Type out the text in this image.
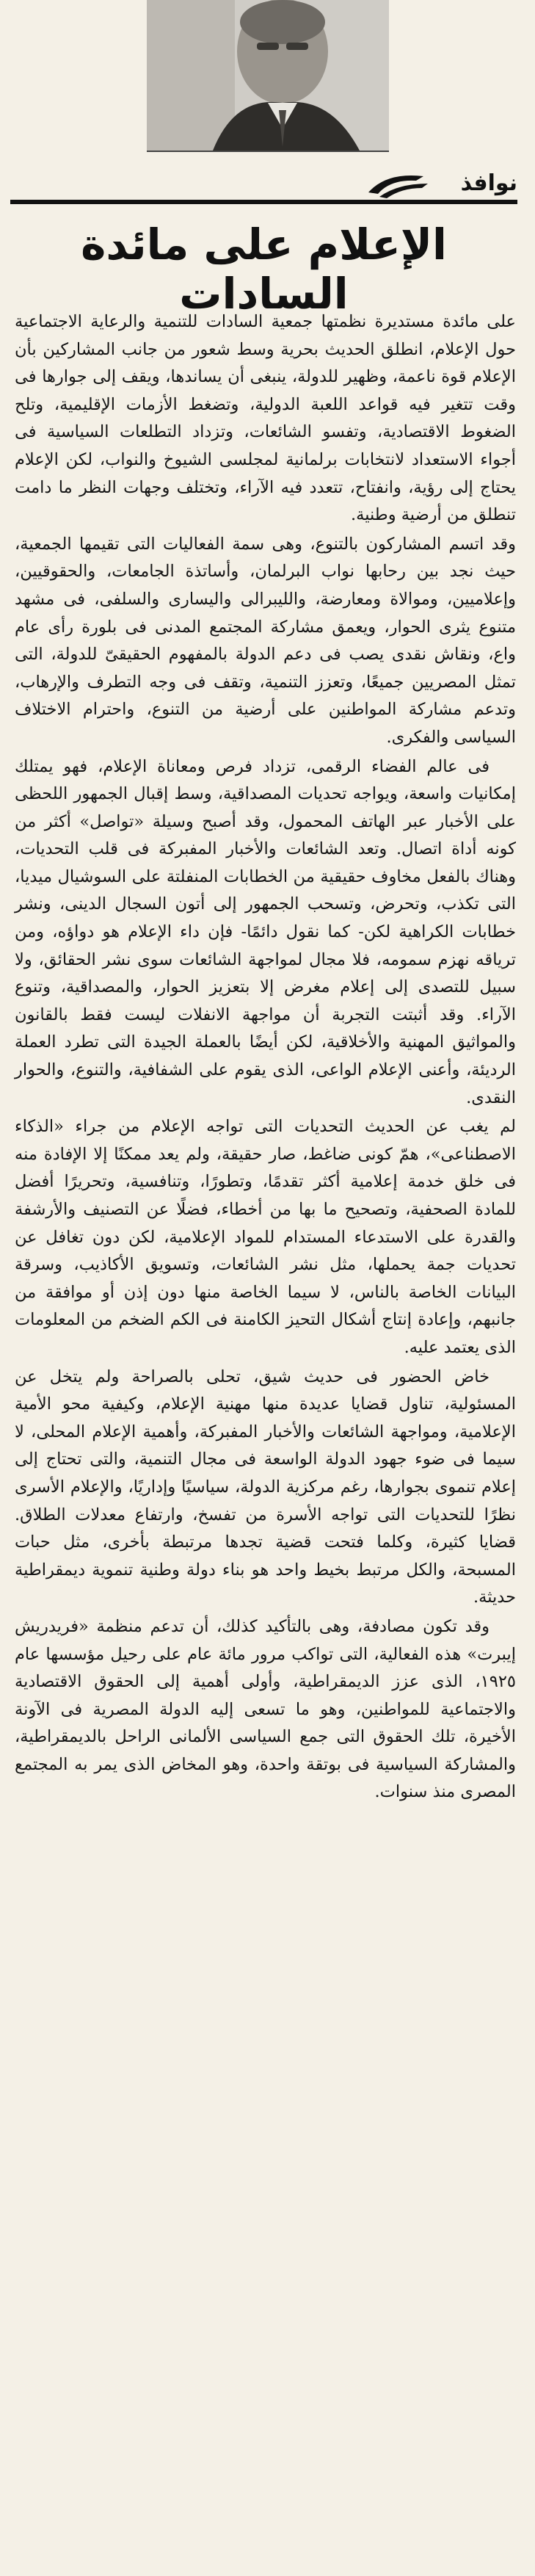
نوافذ
الإعلام على مائدة السادات

على مائدة مستديرة نظمتها جمعية السادات للتنمية والرعاية الاجتماعية حول الإعلام، انطلق الحديث بحرية وسط شعور من جانب المشاركين بأن الإعلام قوة ناعمة، وظهير للدولة، ينبغى أن يساندها، ويقف إلى جوارها فى وقت تتغير فيه قواعد اللعبة الدولية، وتضغط الأزمات الإقليمية، وتلح الضغوط الاقتصادية، وتفسو الشائعات، وتزداد التطلعات السياسية فى أجواء الاستعداد لانتخابات برلمانية لمجلسى الشيوخ والنواب، لكن الإعلام يحتاج إلى رؤية، وانفتاح، تتعدد فيه الآراء، وتختلف وجهات النظر ما دامت تنطلق من أرضية وطنية.

وقد اتسم المشاركون بالتنوع، وهى سمة الفعاليات التى تقيمها الجمعية، حيث نجد بين رحابها نواب البرلمان، وأساتذة الجامعات، والحقوقيين، وإعلاميين، وموالاة ومعارضة، والليبرالى واليسارى والسلفى، فى مشهد متنوع يثرى الحوار، ويعمق مشاركة المجتمع المدنى فى بلورة رأى عام واع، ونقاش نقدى يصب فى دعم الدولة بالمفهوم الحقيقىّ للدولة، التى تمثل المصريين جميعًا، وتعزز التنمية، وتقف فى وجه التطرف والإرهاب، وتدعم مشاركة المواطنين على أرضية من التنوع، واحترام الاختلاف السياسى والفكرى.

فى عالم الفضاء الرقمى، تزداد فرص ومعاناة الإعلام، فهو يمتلك إمكانيات واسعة، ويواجه تحديات المصداقية، وسط إقبال الجمهور اللحظى على الأخبار عبر الهاتف المحمول، وقد أصبح وسيلة «تواصل» أكثر من كونه أداة اتصال. وتعد الشائعات والأخبار المفبركة فى قلب التحديات، وهناك بالفعل مخاوف حقيقية من الخطابات المنفلتة على السوشيال ميديا، التى تكذب، وتحرض، وتسحب الجمهور إلى أتون السجال الدينى، ونشر خطابات الكراهية لكن- كما نقول دائمًا- فإن داء الإعلام هو دواؤه، ومن ترياقه نهزم سمومه، فلا مجال لمواجهة الشائعات سوى نشر الحقائق، ولا سبيل للتصدى إلى إعلام مغرض إلا بتعزيز الحوار، والمصداقية، وتنوع الآراء. وقد أثبتت التجربة أن مواجهة الانفلات ليست فقط بالقانون والمواثيق المهنية والأخلاقية، لكن أيضًا بالعملة الجيدة التى تطرد العملة الرديئة، وأعنى الإعلام الواعى، الذى يقوم على الشفافية، والتنوع، والحوار النقدى.

لم يغب عن الحديث التحديات التى تواجه الإعلام من جراء «الذكاء الاصطناعى»، همّ كونى ضاغط، صار حقيقة، ولم يعد ممكنًا إلا الإفادة منه فى خلق خدمة إعلامية أكثر تقدمًا، وتطورًا، وتنافسية، وتحريرًا أفضل للمادة الصحفية، وتصحيح ما بها من أخطاء، فضلًا عن التصنيف والأرشفة والقدرة على الاستدعاء المستدام للمواد الإعلامية، لكن دون تغافل عن تحديات جمة يحملها، مثل نشر الشائعات، وتسويق الأكاذيب، وسرقة البيانات الخاصة بالناس، لا سيما الخاصة منها دون إذن أو موافقة من جانبهم، وإعادة إنتاج أشكال التحيز الكامنة فى الكم الضخم من المعلومات الذى يعتمد عليه.

خاض الحضور فى حديث شيق، تحلى بالصراحة ولم يتخل عن المسئولية، تناول قضايا عديدة منها مهنية الإعلام، وكيفية محو الأمية الإعلامية، ومواجهة الشائعات والأخبار المفبركة، وأهمية الإعلام المحلى، لا سيما فى ضوء جهود الدولة الواسعة فى مجال التنمية، والتى تحتاج إلى إعلام تنموى بجوارها، رغم مركزية الدولة، سياسيًا وإداريًا، والإعلام الأسرى نظرًا للتحديات التى تواجه الأسرة من تفسخ، وارتفاع معدلات الطلاق. قضايا كثيرة، وكلما فتحت قضية تجدها مرتبطة بأخرى، مثل حبات المسبحة، والكل مرتبط بخيط واحد هو بناء دولة وطنية تنموية ديمقراطية حديثة.

وقد تكون مصادفة، وهى بالتأكيد كذلك، أن تدعم منظمة «فريدريش إيبرت» هذه الفعالية، التى تواكب مرور مائة عام على رحيل مؤسسها عام ١٩٢٥، الذى عزز الديمقراطية، وأولى أهمية إلى الحقوق الاقتصادية والاجتماعية للمواطنين، وهو ما تسعى إليه الدولة المصرية فى الآونة الأخيرة، تلك الحقوق التى جمع السياسى الألمانى الراحل بالديمقراطية، والمشاركة السياسية فى بوتقة واحدة، وهو المخاض الذى يمر به المجتمع المصرى منذ سنوات.
